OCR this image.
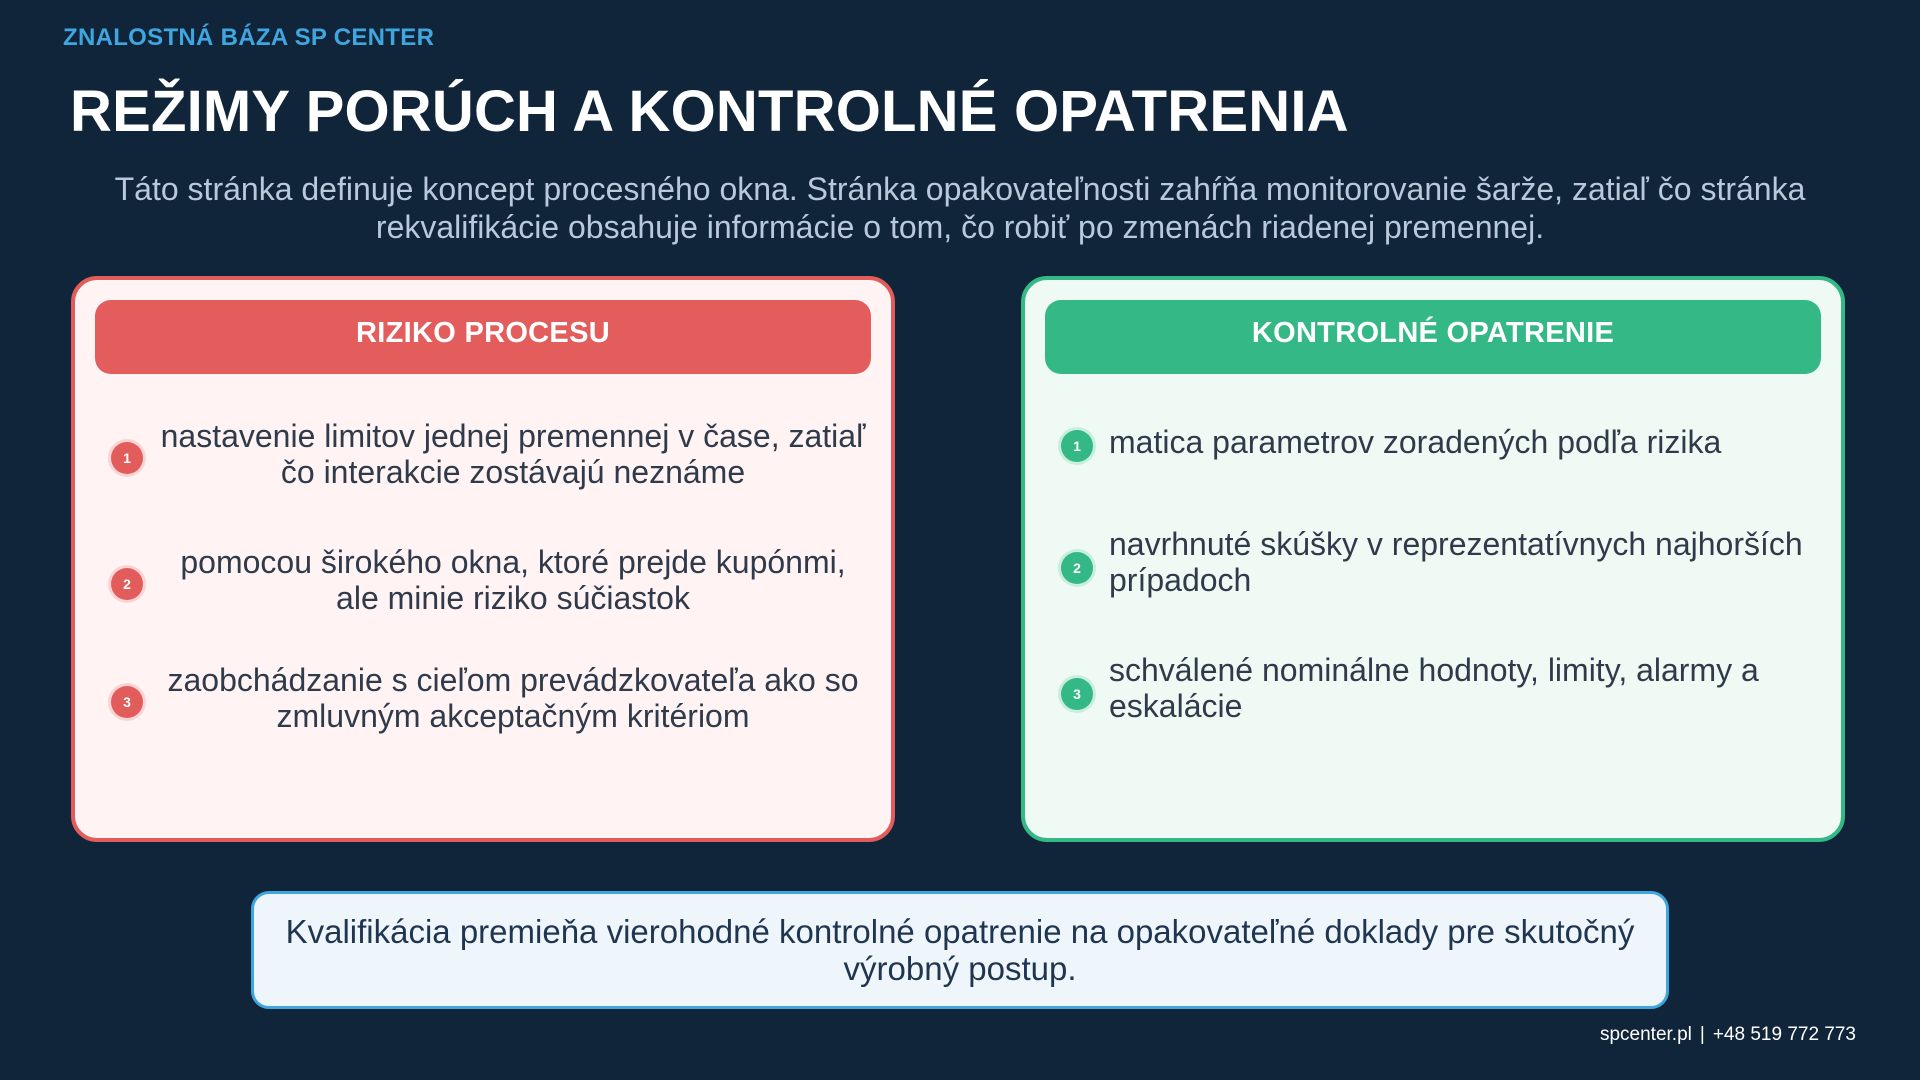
ZNALOSTNÁ BÁZA SP CENTER
REŽIMY PORÚCH A KONTROLNÉ OPATRENIA
Táto stránka definuje koncept procesného okna. Stránka opakovateľnosti zahŕňa monitorovanie šarže, zatiaľ čo stránka rekvalifikácie obsahuje informácie o tom, čo robiť po zmenách riadenej premennej.
RIZIKO PROCESU
1
nastavenie limitov jednej premennej v čase, zatiaľ čo interakcie zostávajú neznáme
2
pomocou širokého okna, ktoré prejde kupónmi, ale minie riziko súčiastok
3
zaobchádzanie s cieľom prevádzkovateľa ako so zmluvným akceptačným kritériom
KONTROLNÉ OPATRENIE
1 matica parametrov zoradených podľa rizika
2
navrhnuté skúšky v reprezentatívnych najhorších prípadoch
3
schválené nominálne hodnoty, limity, alarmy a eskalácie
Kvalifikácia premieňa vierohodné kontrolné opatrenie na opakovateľné doklady pre skutočný výrobný postup.
spcenter.pl | +48 519 772 773
